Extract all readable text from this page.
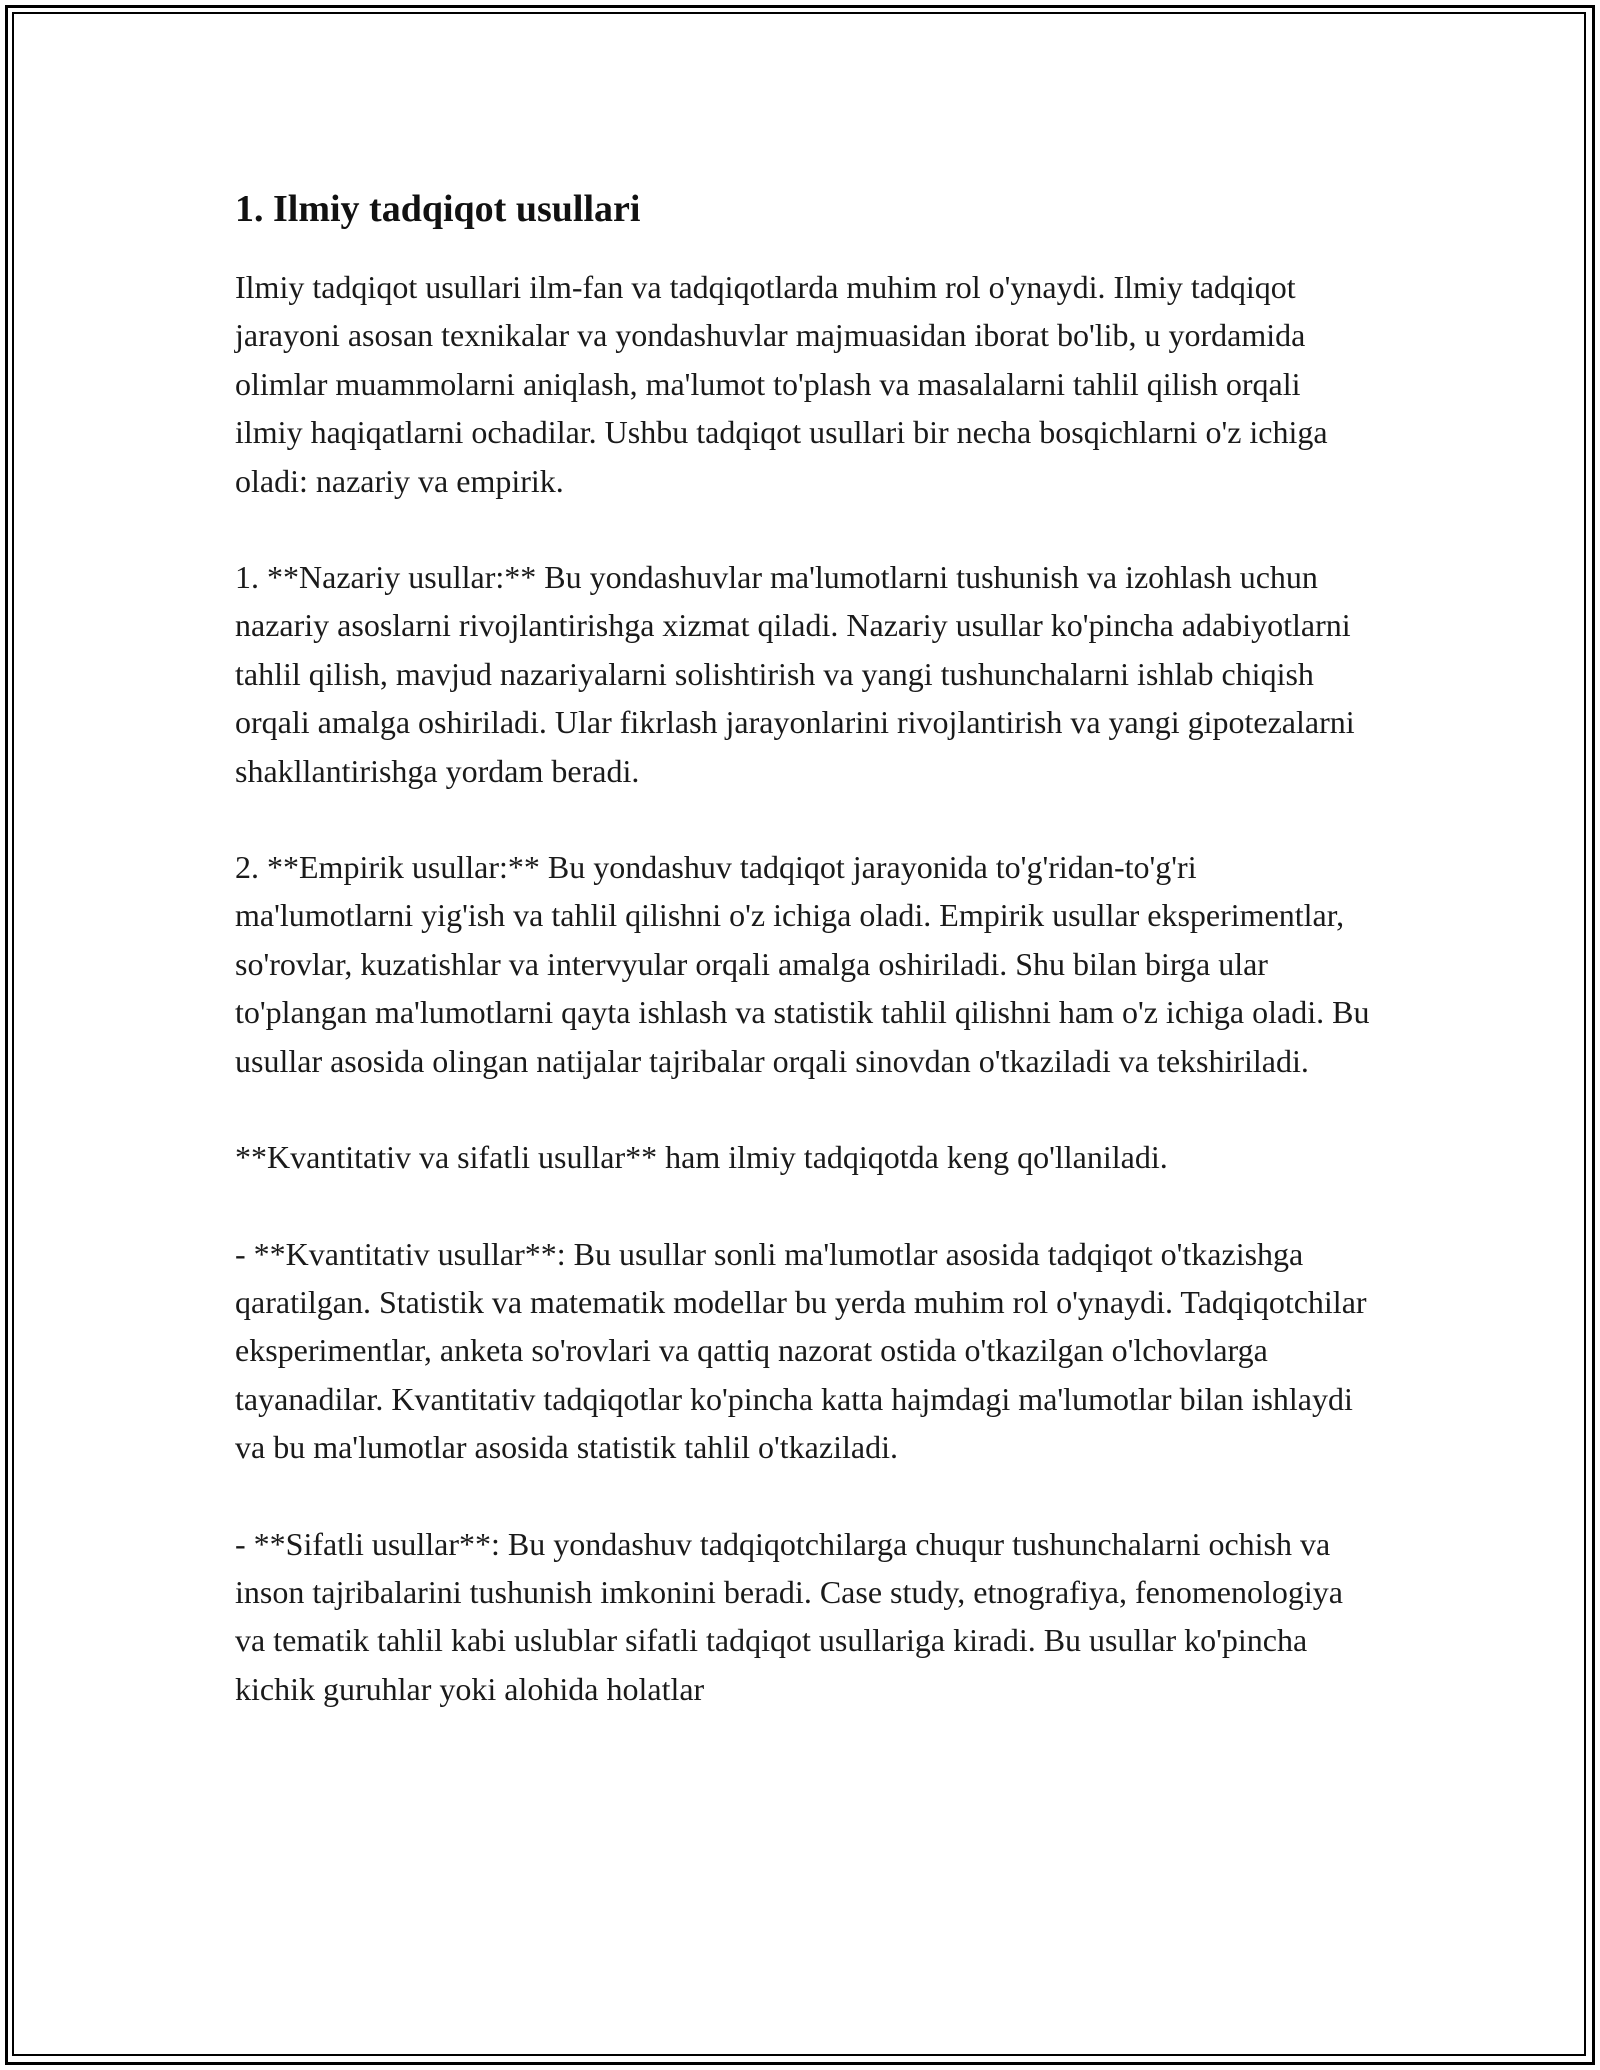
1. Ilmiy tadqiqot usullari

Ilmiy tadqiqot usullari ilm-fan va tadqiqotlarda muhim rol o'ynaydi. Ilmiy tadqiqot jarayoni asosan texnikalar va yondashuvlar majmuasidan iborat bo'lib, u yordamida olimlar muammolarni aniqlash, ma'lumot to'plash va masalalarni tahlil qilish orqali ilmiy haqiqatlarni ochadilar. Ushbu tadqiqot usullari bir necha bosqichlarni o'z ichiga oladi: nazariy va empirik.

1. **Nazariy usullar:** Bu yondashuvlar ma'lumotlarni tushunish va izohlash uchun nazariy asoslarni rivojlantirishga xizmat qiladi. Nazariy usullar ko'pincha adabiyotlarni tahlil qilish, mavjud nazariyalarni solishtirish va yangi tushunchalarni ishlab chiqish orqali amalga oshiriladi. Ular fikrlash jarayonlarini rivojlantirish va yangi gipotezalarni shakllantirishga yordam beradi.

2. **Empirik usullar:** Bu yondashuv tadqiqot jarayonida to'g'ridan-to'g'ri ma'lumotlarni yig'ish va tahlil qilishni o'z ichiga oladi. Empirik usullar eksperimentlar, so'rovlar, kuzatishlar va intervyular orqali amalga oshiriladi. Shu bilan birga ular to'plangan ma'lumotlarni qayta ishlash va statistik tahlil qilishni ham o'z ichiga oladi. Bu usullar asosida olingan natijalar tajribalar orqali sinovdan o'tkaziladi va tekshiriladi.

**Kvantitativ va sifatli usullar** ham ilmiy tadqiqotda keng qo'llaniladi.

- **Kvantitativ usullar**: Bu usullar sonli ma'lumotlar asosida tadqiqot o'tkazishga qaratilgan. Statistik va matematik modellar bu yerda muhim rol o'ynaydi. Tadqiqotchilar eksperimentlar, anketa so'rovlari va qattiq nazorat ostida o'tkazilgan o'lchovlarga tayanadilar. Kvantitativ tadqiqotlar ko'pincha katta hajmdagi ma'lumotlar bilan ishlaydi va bu ma'lumotlar asosida statistik tahlil o'tkaziladi.

- **Sifatli usullar**: Bu yondashuv tadqiqotchilarga chuqur tushunchalarni ochish va inson tajribalarini tushunish imkonini beradi. Case study, etnografiya, fenomenologiya va tematik tahlil kabi uslublar sifatli tadqiqot usullariga kiradi. Bu usullar ko'pincha kichik guruhlar yoki alohida holatlar
